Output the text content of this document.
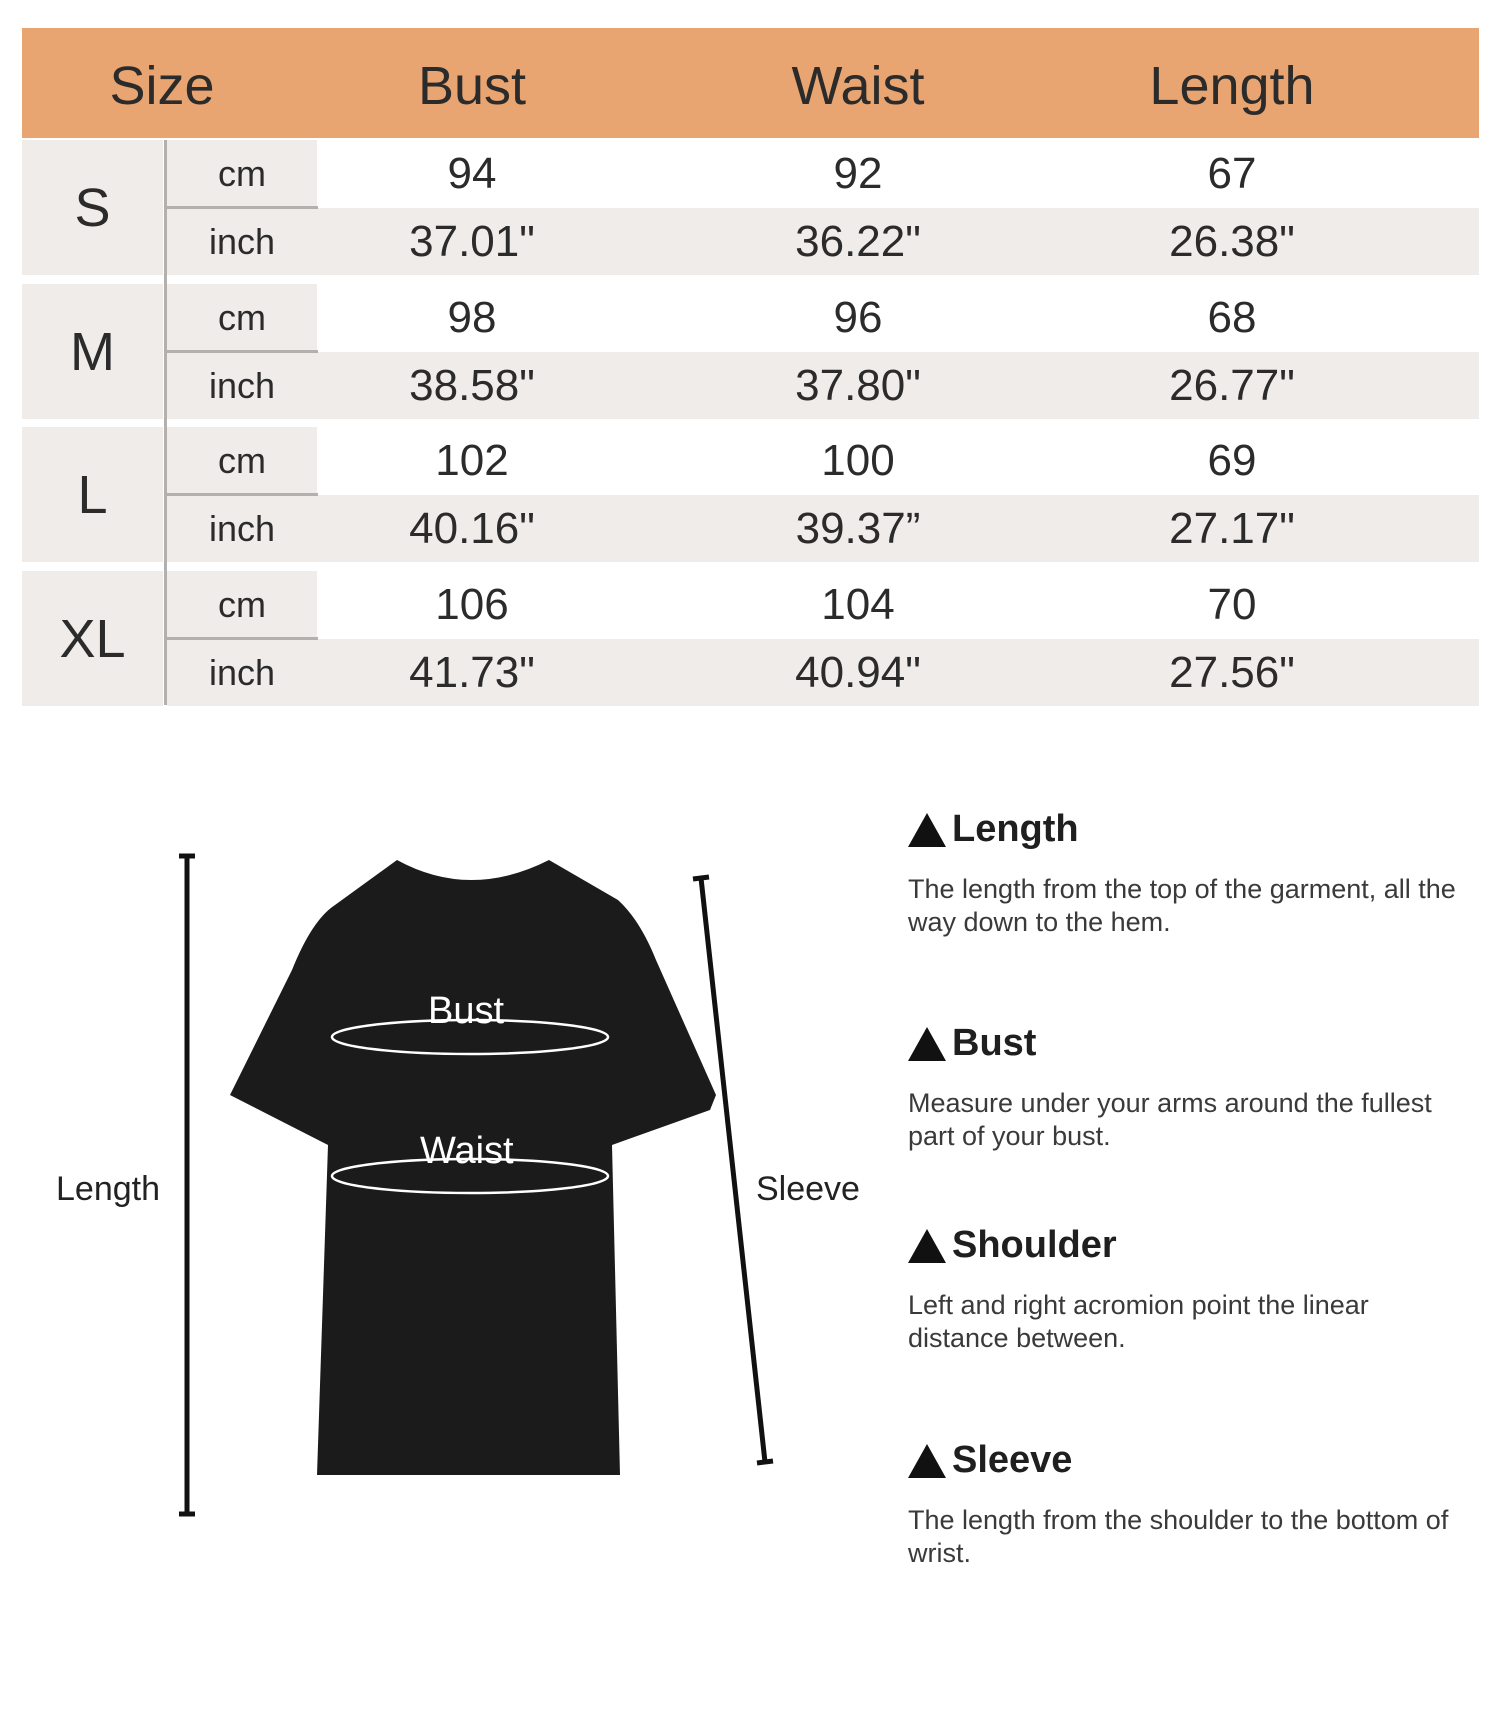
Size	Bust	Waist	Length
S
cm	94	92	67
inch	37.01"	36.22"	26.38"
M
cm	98	96	68
inch	38.58"	37.80"	26.77"
L
cm	102	100	69
inch	40.16"	39.37”	27.17"
XL
cm	106	104	70
inch	41.73"	40.94"	27.56"
Length	Sleeve
Bust
Waist
Length
The length from the top of the garment, all the way down to the hem.
Bust
Measure under your arms around the fullest part of your bust.
Shoulder
Left and right acromion point the linear distance between.
Sleeve
The length from the shoulder to the bottom of wrist.
